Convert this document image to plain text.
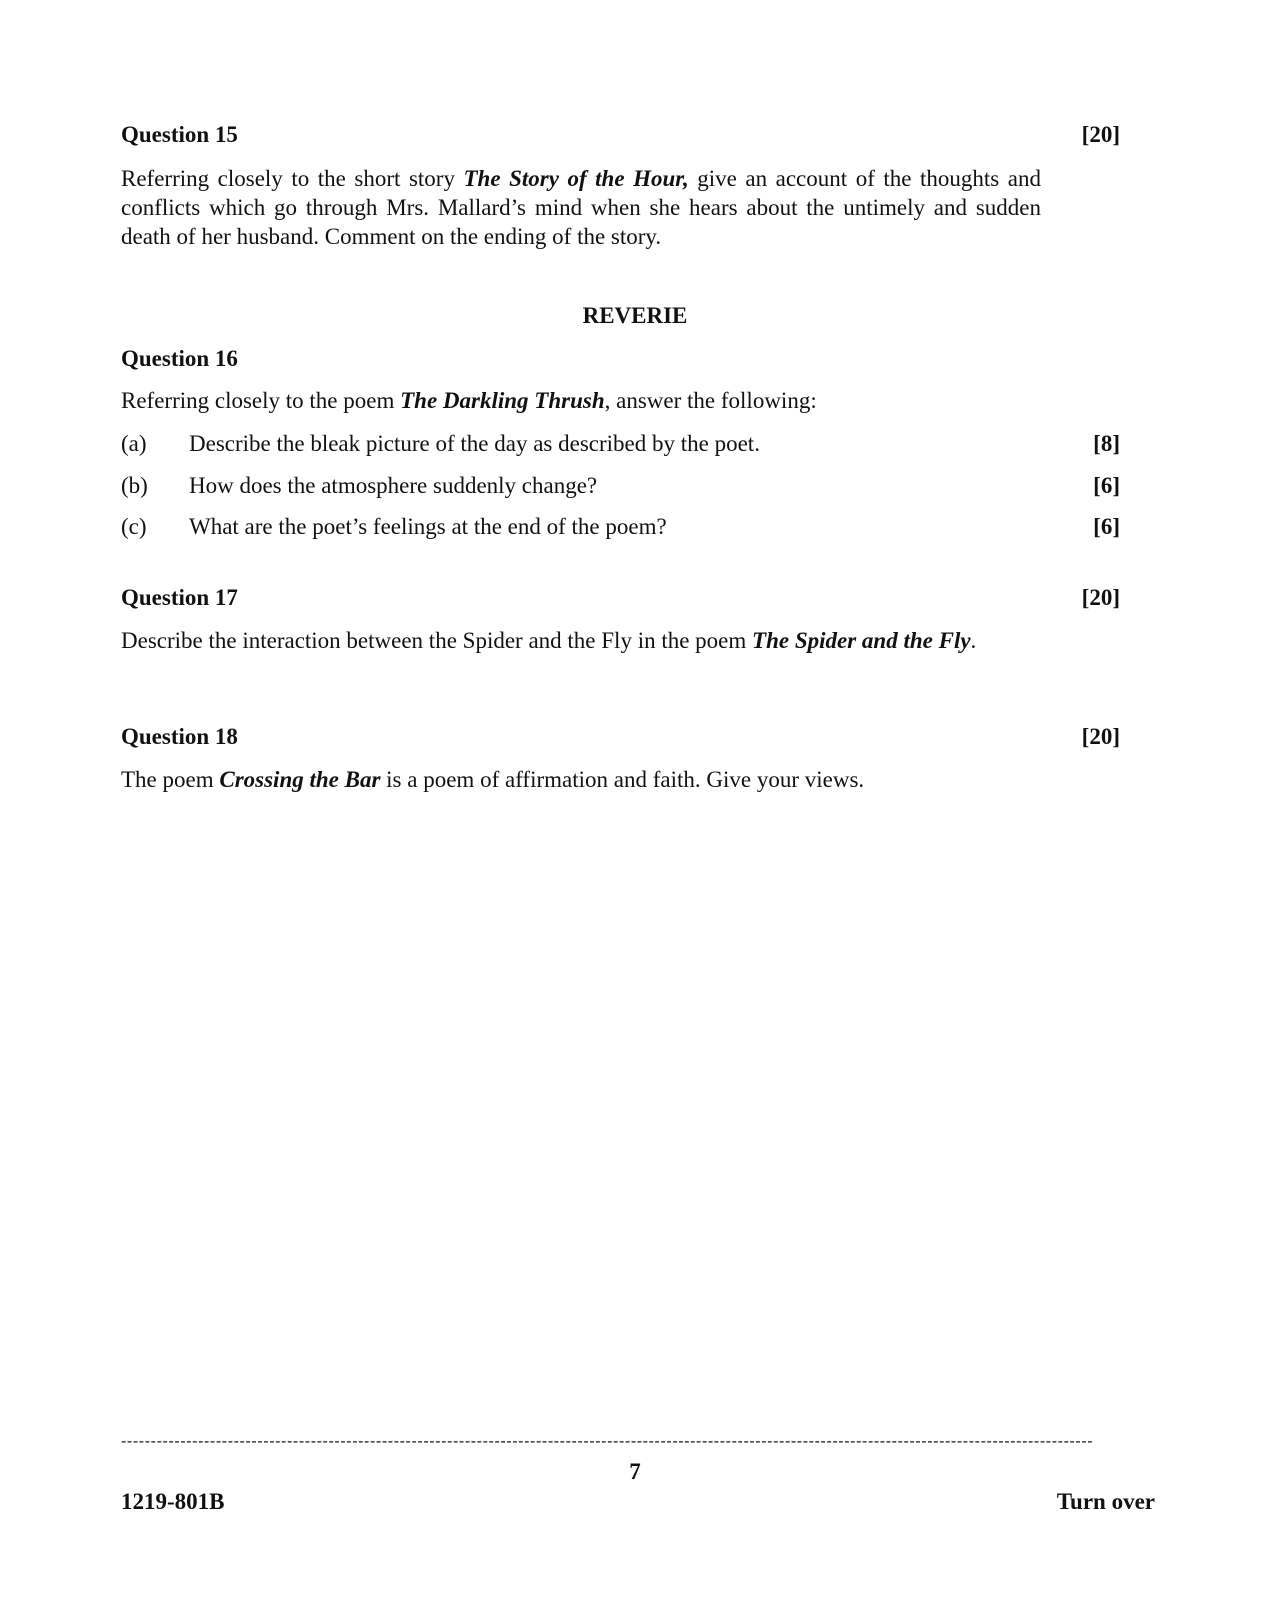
Question 15	[20]
Referring closely to the short story The Story of the Hour, give an account of the thoughts and conflicts which go through Mrs. Mallard’s mind when she hears about the untimely and sudden death of her husband. Comment on the ending of the story.
REVERIE
Question 16
Referring closely to the poem The Darkling Thrush, answer the following:
(a) Describe the bleak picture of the day as described by the poet.	[8]
(b) How does the atmosphere suddenly change?	[6]
(c) What are the poet’s feelings at the end of the poem?	[6]
Question 17	[20]
Describe the interaction between the Spider and the Fly in the poem The Spider and the Fly.
Question 18	[20]
The poem Crossing the Bar is a poem of affirmation and faith. Give your views.
--------------------------------------------------------------------------------------------------------------------------------------------------------------------
7
1219-801B	Turn over
